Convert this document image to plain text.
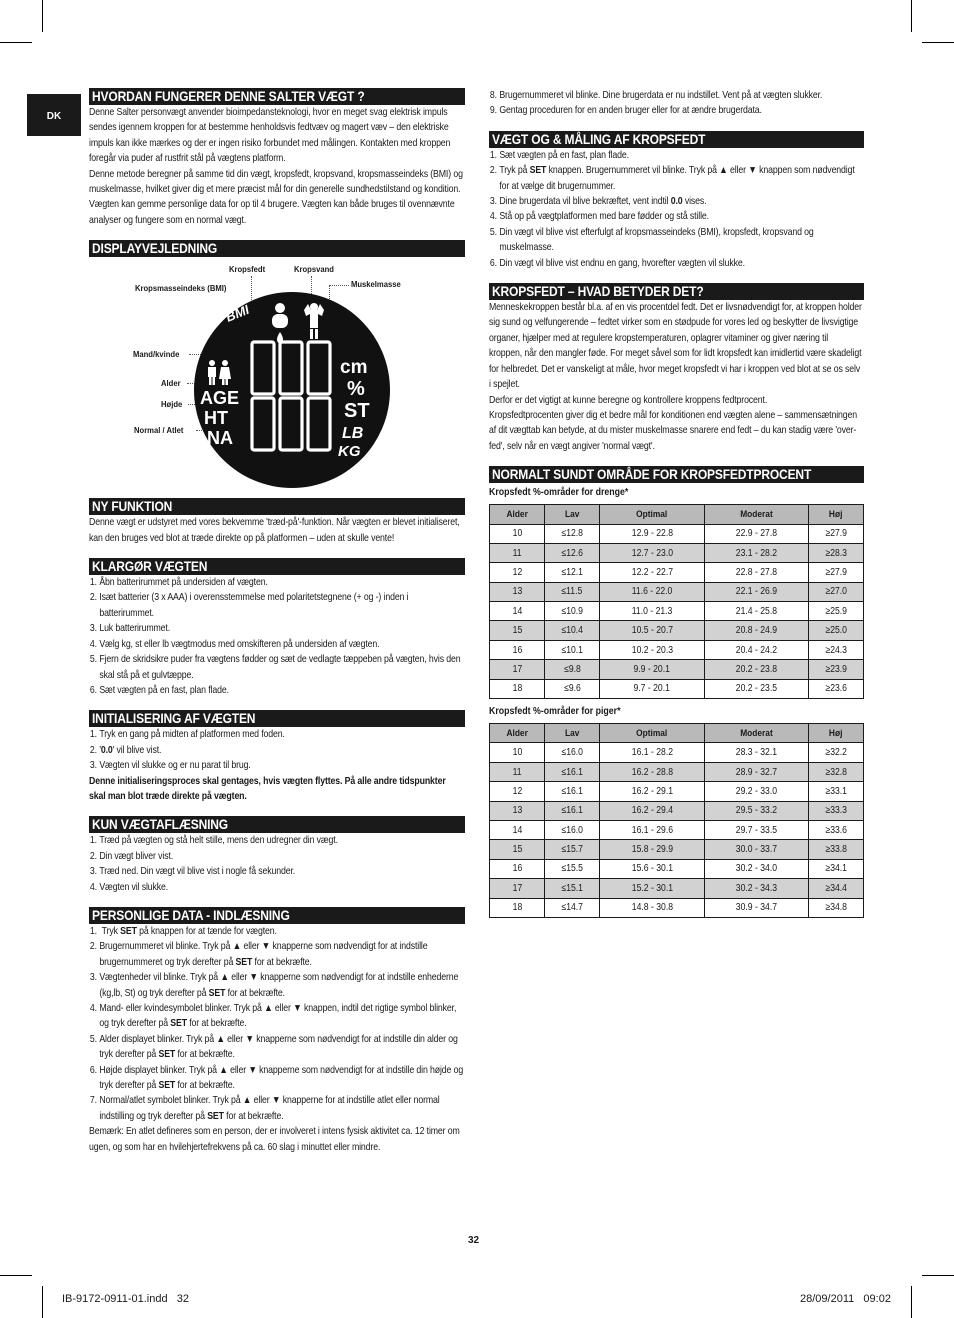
DK
HVORDAN FUNGERER DENNE SALTER VÆGT ?

Denne Salter personvægt anvender bioimpedansteknologi, hvor en meget svag elektrisk impuls sendes igennem kroppen for at bestemme henholdsvis fedtvæv og magert væv – den elektriske impuls kan ikke mærkes og der er ingen risiko forbundet med målingen. Kontakten med kroppen foregår via puder af rustfrit stål på vægtens platform.

Denne metode beregner på samme tid din vægt, kropsfedt, kropsvand, kropsmasseindeks (BMI) og muskelmasse, hvilket giver dig et mere præcist mål for din generelle sundhedstilstand og kondition. Vægten kan gemme personlige data for op til 4 brugere. Vægten kan både bruges til ovennævnte analyser og fungere som en normal vægt.

DISPLAYVEJLEDNING
Kropsfedt	Kropsvand
Muskelmasse
Kropsmasseindeks (BMI)
Mand/kvinde
Alder
Højde
Normal / Atlet
BMI
AGE
HT
NA
cm
%
ST
LB
KG
NY FUNKTION

Denne vægt er udstyret med vores bekvemme 'træd-på'-funktion. Når vægten er blevet initialiseret, kan den bruges ved blot at træde direkte op på platformen – uden at skulle vente!

KLARGØR VÆGTEN
1. Åbn batterirummet på undersiden af vægten.
2. Isæt batterier (3 x AAA) i overensstemmelse med polaritetstegnene (+ og -) inden i batterirummet.
3. Luk batterirummet.
4. Vælg kg, st eller lb vægtmodus med omskifteren på undersiden af vægten.
5. Fjern de skridsikre puder fra vægtens fødder og sæt de vedlagte tæppeben på vægten, hvis den skal stå på et gulvtæppe.
6. Sæt vægten på en fast, plan flade.
INITIALISERING AF VÆGTEN
1. Tryk en gang på midten af platformen med foden.
2. '0.0' vil blive vist.
3. Vægten vil slukke og er nu parat til brug.

Denne initialiseringsproces skal gentages, hvis vægten flyttes. På alle andre tidspunkter skal man blot træde direkte på vægten.

KUN VÆGTAFLÆSNING
1. Træd på vægten og stå helt stille, mens den udregner din vægt.
2. Din vægt bliver vist.
3. Træd ned. Din vægt vil blive vist i nogle få sekunder.
4. Vægten vil slukke.
PERSONLIGE DATA - INDLÆSNING
1. Tryk SET på knappen for at tænde for vægten.
2. Brugernummeret vil blinke. Tryk på ▲ eller ▼ knapperne som nødvendigt for at indstille brugernummeret og tryk derefter på SET for at bekræfte.
3. Vægtenheder vil blinke. Tryk på ▲ eller ▼ knapperne som nødvendigt for at indstille enhederne (kg,lb, St) og tryk derefter på SET for at bekræfte.
4. Mand- eller kvindesymbolet blinker. Tryk på ▲ eller ▼ knappen, indtil det rigtige symbol blinker, og tryk derefter på SET for at bekræfte.
5. Alder displayet blinker. Tryk på ▲ eller ▼ knapperne som nødvendigt for at indstille din alder og tryk derefter på SET for at bekræfte.
6. Højde displayet blinker. Tryk på ▲ eller ▼ knapperne som nødvendigt for at indstille din højde og tryk derefter på SET for at bekræfte.
7. Normal/atlet symbolet blinker. Tryk på ▲ eller ▼ knapperne for at indstille atlet eller normal indstilling og tryk derefter på SET for at bekræfte.

Bemærk: En atlet defineres som en person, der er involveret i intens fysisk aktivitet ca. 12 timer om ugen, og som har en hvilehjertefrekvens på ca. 60 slag i minuttet eller mindre.

8. Brugernummeret vil blinke. Dine brugerdata er nu indstillet. Vent på at vægten slukker.
9. Gentag proceduren for en anden bruger eller for at ændre brugerdata.
VÆGT OG & MÅLING AF KROPSFEDT
1. Sæt vægten på en fast, plan flade.
2. Tryk på SET knappen. Brugernummeret vil blinke. Tryk på ▲ eller ▼ knappen som nødvendigt for at vælge dit brugernummer.
3. Dine brugerdata vil blive bekræftet, vent indtil 0.0 vises.
4. Stå op på vægtplatformen med bare fødder og stå stille.
5. Din vægt vil blive vist efterfulgt af kropsmasseindeks (BMI), kropsfedt, kropsvand og muskelmasse.
6. Din vægt vil blive vist endnu en gang, hvorefter vægten vil slukke.
KROPSFEDT – HVAD BETYDER DET?

Menneskekroppen består bl.a. af en vis procentdel fedt. Det er livsnødvendigt for, at kroppen holder sig sund og velfungerende – fedtet virker som en stødpude for vores led og beskytter de livsvigtige organer, hjælper med at regulere kropstemperaturen, oplagrer vitaminer og giver næring til kroppen, når den mangler føde. For meget såvel som for lidt kropsfedt kan imidlertid være skadeligt for helbredet. Det er vanskeligt at måle, hvor meget kropsfedt vi har i kroppen ved blot at se os selv i spejlet.

Derfor er det vigtigt at kunne beregne og kontrollere kroppens fedtprocent.

Kropsfedtprocenten giver dig et bedre mål for konditionen end vægten alene – sammensætningen af dit vægttab kan betyde, at du mister muskelmasse snarere end fedt – du kan stadig være 'over-fed', selv når en vægt angiver 'normal vægt'.

NORMALT SUNDT OMRÅDE FOR KROPSFEDTPROCENT
Kropsfedt %-områder for drenge*
Alder	Lav	Optimal	Moderat	Høj
10	≤12.8	12.9 - 22.8	22.9 - 27.8	≥27.9
11	≤12.6	12.7 - 23.0	23.1 - 28.2	≥28.3
12	≤12.1	12.2 - 22.7	22.8 - 27.8	≥27.9
13	≤11.5	11.6 - 22.0	22.1 - 26.9	≥27.0
14	≤10.9	11.0 - 21.3	21.4 - 25.8	≥25.9
15	≤10.4	10.5 - 20.7	20.8 - 24.9	≥25.0
16	≤10.1	10.2 - 20.3	20.4 - 24.2	≥24.3
17	≤9.8	9.9 - 20.1	20.2 - 23.8	≥23.9
18	≤9.6	9.7 - 20.1	20.2 - 23.5	≥23.6
Kropsfedt %-områder for piger*
Alder	Lav	Optimal	Moderat	Høj
10	≤16.0	16.1 - 28.2	28.3 - 32.1	≥32.2
11	≤16.1	16.2 - 28.8	28.9 - 32.7	≥32.8
12	≤16.1	16.2 - 29.1	29.2 - 33.0	≥33.1
13	≤16.1	16.2 - 29.4	29.5 - 33.2	≥33.3
14	≤16.0	16.1 - 29.6	29.7 - 33.5	≥33.6
15	≤15.7	15.8 - 29.9	30.0 - 33.7	≥33.8
16	≤15.5	15.6 - 30.1	30.2 - 34.0	≥34.1
17	≤15.1	15.2 - 30.1	30.2 - 34.3	≥34.4
18	≤14.7	14.8 - 30.8	30.9 - 34.7	≥34.8
32
IB-9172-0911-01.indd   32	28/09/2011   09:02
